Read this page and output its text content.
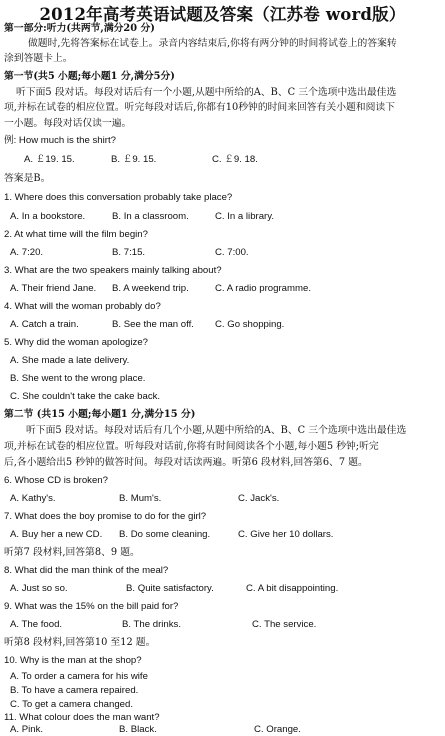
2012年高考英语试题及答案（江苏卷 word版）
第一部分:听力(共两节,满分20 分)
做题时,先将答案标在试卷上。录音内容结束后,你将有两分钟的时间将试卷上的答案转
涂到答题卡上。
第一节(共5 小题;每小题1 分,满分5分)
听下面5 段对话。每段对话后有一个小题,从题中所给的A、B、C 三个选项中选出最佳选
项,并标在试卷的相应位置。听完每段对话后,你都有10秒钟的时间来回答有关小题和阅读下
一小题。每段对话仅读一遍。
例: How much is the shirt?
A. ￡19. 15.	B. ￡9. 15.	C. ￡9. 18.
答案是B。
1. Where does this conversation probably take place?
A. In a bookstore.	B. In a classroom.	C. In a library.
2. At what time will the film begin?
A. 7:20.	B. 7:15.	C. 7:00.
3. What are the two speakers mainly talking about?
A. Their friend Jane. B. A weekend trip.	C. A radio programme.
4. What will the woman probably do?
A. Catch a train.	B. See the man off. C. Go shopping.
5. Why did the woman apologize?
A. She made a late delivery.
B. She went to the wrong place.
C. She couldn't take the cake back.
第二节 (共15 小题;每小题1 分,满分15 分)
听下面5 段对话。每段对话后有几个小题,从题中所给的A、B、C 三个选项中选出最佳选
项,并标在试卷的相应位置。听每段对话前,你将有时间阅读各个小题,每小题5 秒钟;听完
后,各小题给出5 秒钟的做答时间。每段对话读两遍。听第6 段材料,回答第6、7 题。
6. Whose CD is broken?
A. Kathy's.	B. Mum's.	C. Jack's.
7. What does the boy promise to do for the girl?
A. Buy her a new CD. B. Do some cleaning.	C. Give her 10 dollars.
听第7 段材料,回答第8、9 题。
8. What did the man think of the meal?
A. Just so so.	B. Quite satisfactory.	C. A bit disappointing.
9. What was the 15% on the bill paid for?
A. The food.	B. The drinks.	C. The service.
听第8 段材料,回答第10 至12 题。
10. Why is the man at the shop?
A. To order a camera for his wife
B. To have a camera repaired.
C. To get a camera changed.
11. What colour does the man want?
A. Pink.	B. Black.	C. Orange.
